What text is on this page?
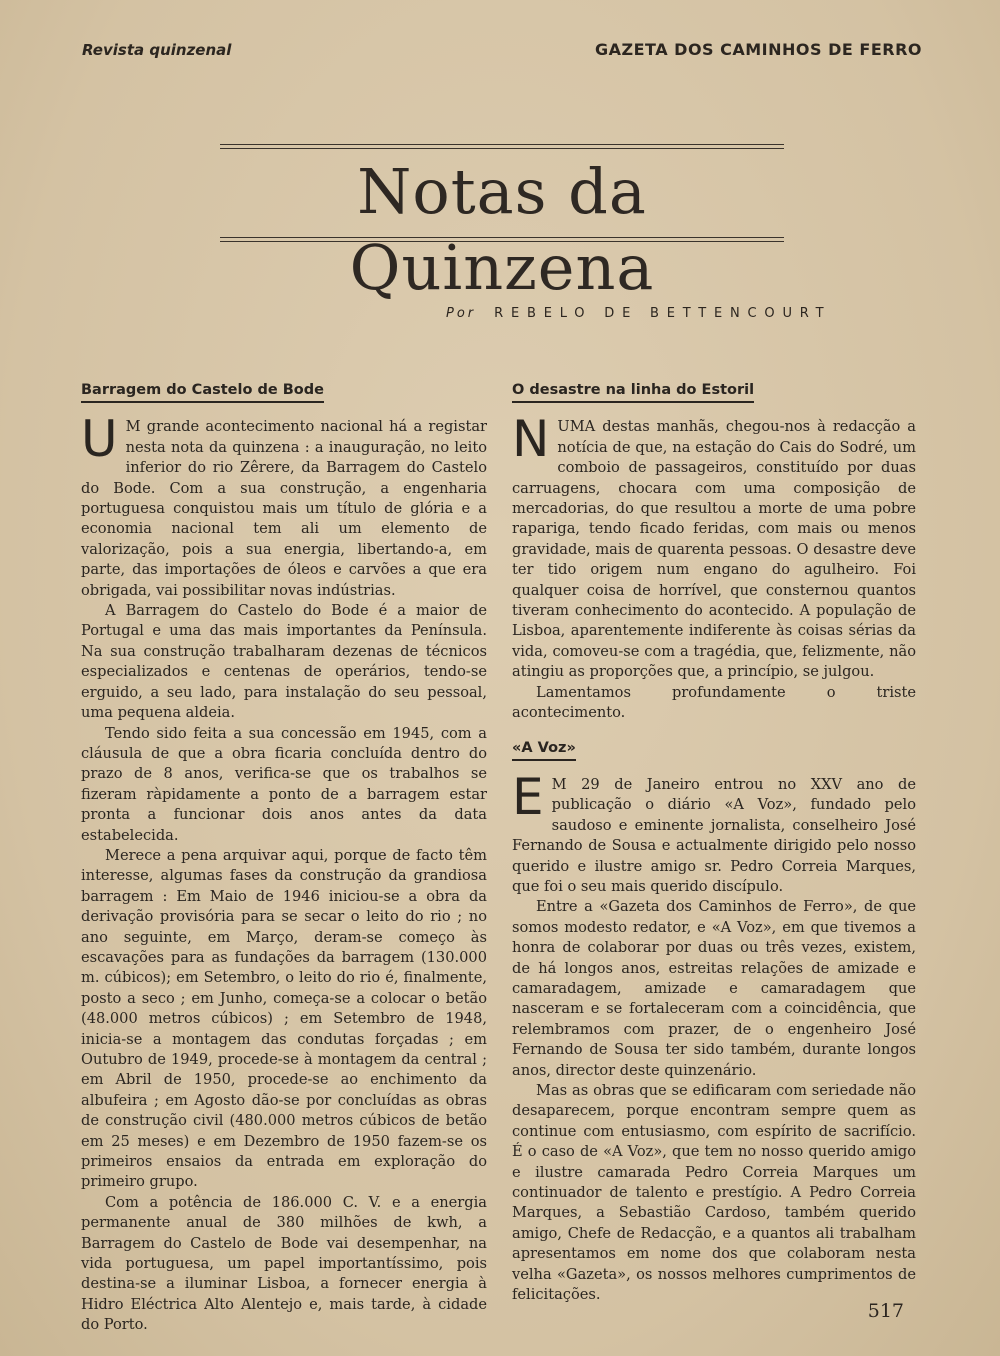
Revista quinzenal	GAZETA DOS CAMINHOS DE FERRO
Notas da Quinzena
Por REBELO DE BETTENCOURT
Barragem do Castelo de Bode

U M grande acontecimento nacional há a registar nesta nota da quinzena : a inauguração, no leito inferior do rio Zêrere, da Barragem do Castelo do Bode. Com a sua construção, a engenharia portuguesa conquistou mais um título de glória e a economia nacional tem ali um elemento de valorização, pois a sua energia, libertando-a, em parte, das importações de óleos e carvões a que era obrigada, vai possibilitar novas indústrias.

A Barragem do Castelo do Bode é a maior de Portugal e uma das mais importantes da Península. Na sua construção trabalharam dezenas de técnicos especializados e centenas de operários, tendo-se erguido, a seu lado, para instalação do seu pessoal, uma pequena aldeia.

Tendo sido feita a sua concessão em 1945, com a cláusula de que a obra ficaria concluída dentro do prazo de 8 anos, verifica-se que os trabalhos se fizeram ràpidamente a ponto de a barragem estar pronta a funcionar dois anos antes da data estabelecida.

Merece a pena arquivar aqui, porque de facto têm interesse, algumas fases da construção da grandiosa barragem : Em Maio de 1946 iniciou-se a obra da derivação provisória para se secar o leito do rio ; no ano seguinte, em Março, deram-se começo às escavações para as fundações da barragem (130.000 m. cúbicos); em Setembro, o leito do rio é, finalmente, posto a seco ; em Junho, começa-se a colocar o betão (48.000 metros cúbicos) ; em Setembro de 1948, inicia-se a montagem das condutas forçadas ; em Outubro de 1949, procede-se à montagem da central ; em Abril de 1950, procede-se ao enchimento da albufeira ; em Agosto dão-se por concluídas as obras de construção civil (480.000 metros cúbicos de betão em 25 meses) e em Dezembro de 1950 fazem-se os primeiros ensaios da entrada em exploração do primeiro grupo.

Com a potência de 186.000 C. V. e a energia permanente anual de 380 milhões de kwh, a Barragem do Castelo de Bode vai desempenhar, na vida portuguesa, um papel importantíssimo, pois destina-se a iluminar Lisboa, a fornecer energia à Hidro Eléctrica Alto Alentejo e, mais tarde, à cidade do Porto.

O desastre na linha do Estoril

NUMA destas manhãs, chegou-nos à redacção a notícia de que, na estação do Cais do Sodré, um comboio de passageiros, constituído por duas carruagens, chocara com uma composição de mercadorias, do que resultou a morte de uma pobre rapariga, tendo ficado feridas, com mais ou menos gravidade, mais de quarenta pessoas. O desastre deve ter tido origem num engano do agulheiro. Foi qualquer coisa de horrível, que consternou quantos tiveram conhecimento do acontecido. A população de Lisboa, aparentemente indiferente às coisas sérias da vida, comoveu-se com a tragédia, que, felizmente, não atingiu as proporções que, a princípio, se julgou.

Lamentamos profundamente o triste acontecimento.

«A Voz»

E M 29 de Janeiro entrou no XXV ano de publicação o diário «A Voz», fundado pelo saudoso e eminente jornalista, conselheiro José Fernando de Sousa e actualmente dirigido pelo nosso querido e ilustre amigo sr. Pedro Correia Marques, que foi o seu mais querido discípulo.

Entre a «Gazeta dos Caminhos de Ferro», de que somos modesto redator, e «A Voz», em que tivemos a honra de colaborar por duas ou três vezes, existem, de há longos anos, estreitas relações de amizade e camaradagem, amizade e camaradagem que nasceram e se fortaleceram com a coincidência, que relembramos com prazer, de o engenheiro José Fernando de Sousa ter sido também, durante longos anos, director deste quinzenário.

Mas as obras que se edificaram com seriedade não desaparecem, porque encontram sempre quem as continue com entusiasmo, com espírito de sacrifício. É o caso de «A Voz», que tem no nosso querido amigo e ilustre camarada Pedro Correia Marques um continuador de talento e prestígio. A Pedro Correia Marques, a Sebastião Cardoso, também querido amigo, Chefe de Redacção, e a quantos ali trabalham apresentamos em nome dos que colaboram nesta velha «Gazeta», os nossos melhores cumprimentos de felicitações.

517
